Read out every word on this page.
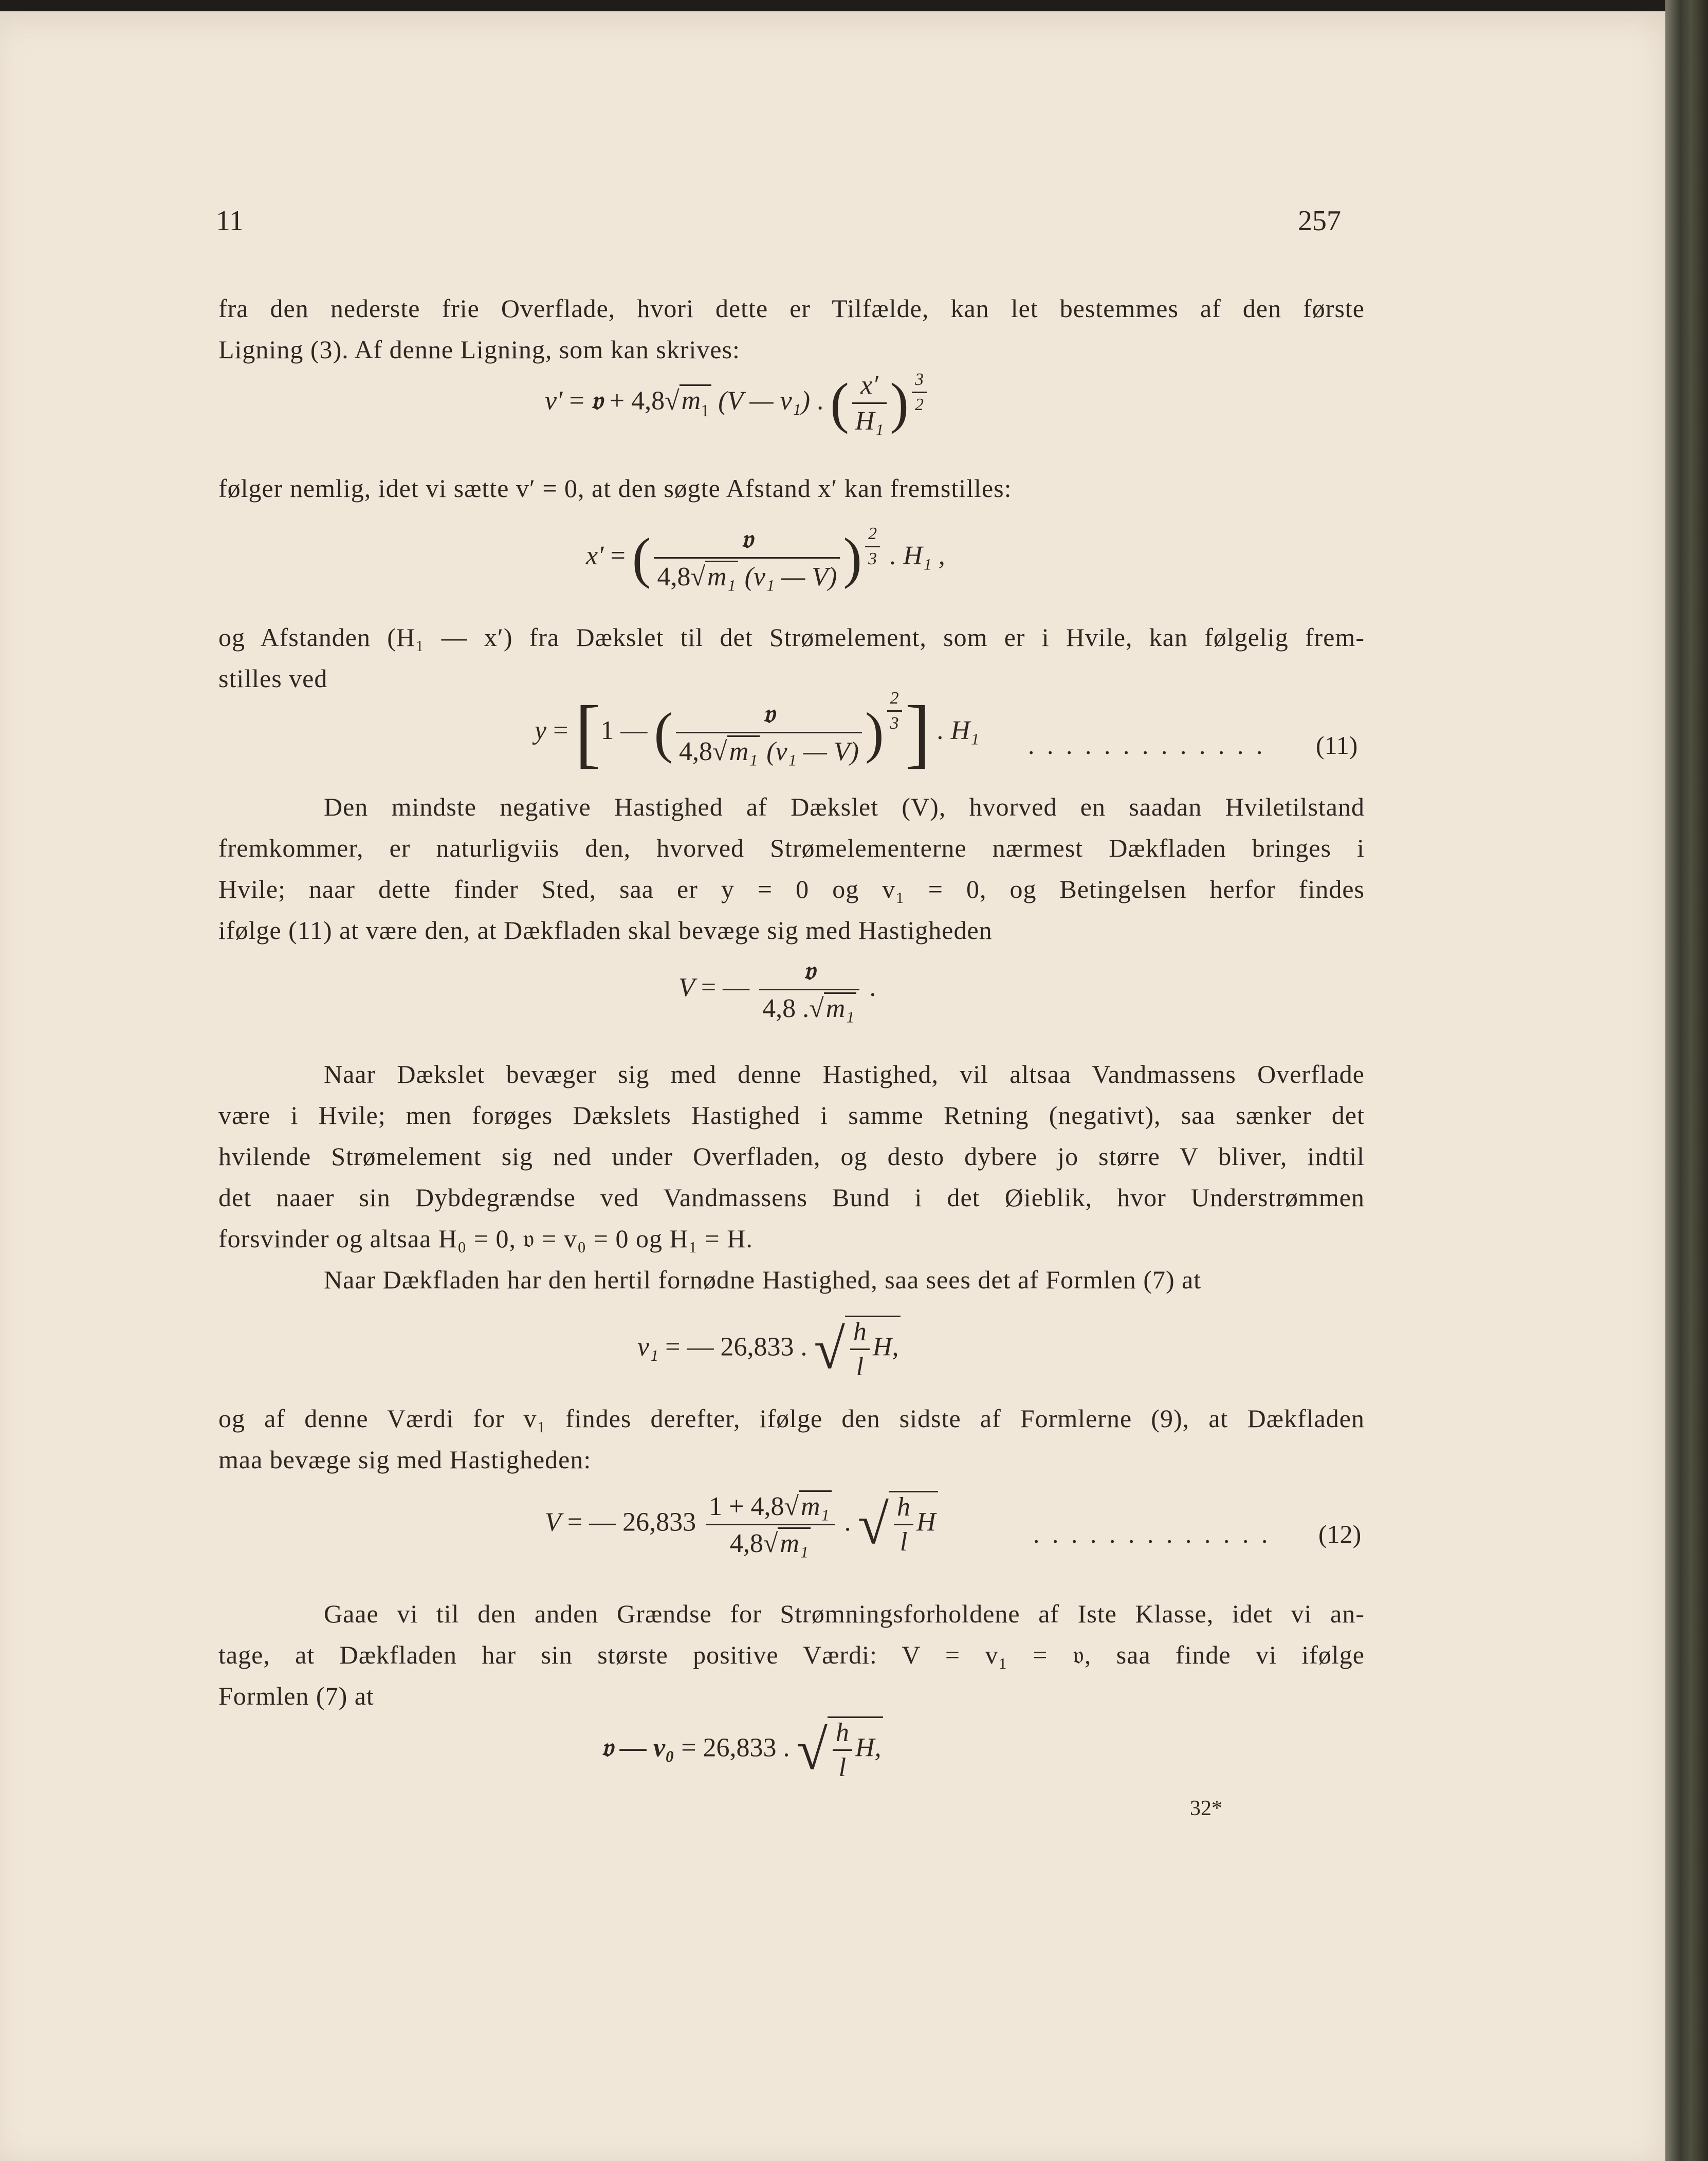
11	257
fra den nederste frie Overflade, hvori dette er Tilfælde, kan let bestemmes af den første
Ligning (3). Af denne Ligning, som kan skrives:
v′ = 𝔳 + $4,8√m_1$ (V — v₁) . ( $\frac{x'}{\text{H₁}}$ ) $\frac{3}{2}$
følger nemlig, idet vi sætte v′ = 0, at den søgte Afstand x′ kan fremstilles:
x′ = ( $\frac{\text{𝔳}}{\text{4,8√m₁ (v₁ — V)}}$ ) $\frac{2}{3}$ . H₁ ,
og Afstanden (H₁ — x′) fra Dækslet til det Strømelement, som er i Hvile, kan følgelig frem-
stilles ved
y = [1 — ( $\frac{\text{𝔳}}{\text{4,8√m₁ (v₁ — V)}}$ ) $\frac{2}{3}$ ] . H₁
. . . . . . . . . . . . . (11)
Den mindste negative Hastighed af Dækslet (V), hvorved en saadan Hviletilstand
fremkommer, er naturligviis den, hvorved Strømelementerne nærmest Dækfladen bringes i
Hvile; naar dette finder Sted, saa er y = 0 og v₁ = 0, og Betingelsen herfor findes
ifølge (11) at være den, at Dækfladen skal bevæge sig med Hastigheden
V = — $\frac{\text{𝔳}}{\text{4,8 .√m₁}}$ .
Naar Dækslet bevæger sig med denne Hastighed, vil altsaa Vandmassens Overflade
være i Hvile; men forøges Dækslets Hastighed i samme Retning (negativt), saa sænker det
hvilende Strømelement sig ned under Overfladen, og desto dybere jo større V bliver, indtil
det naaer sin Dybdegrændse ved Vandmassens Bund i det Øieblik, hvor Understrømmen
forsvinder og altsaa H₀ = 0, 𝔳 = v₀ = 0 og H₁ = H.
Naar Dækfladen har den hertil fornødne Hastighed, saa sees det af Formlen (7) at
v₁ = — 26,833 . √ $\frac{h}{l} H$,
og af denne Værdi for v₁ findes derefter, ifølge den sidste af Formlerne (9), at Dækfladen
maa bevæge sig med Hastigheden:
V = — $26,833 \frac{\text{1 + 4,8√m₁}}{\text{4,8√m₁}}$ . √ $\frac{h}{l}$ H	. . . . . . . . . . . . . (12)
Gaae vi til den anden Grændse for Strømningsforholdene af Iste Klasse, idet vi an-
tage, at Dækfladen har sin største positive Værdi: V = v₁ = 𝔳, saa finde vi ifølge
Formlen (7) at
𝔳 — v₀ = 26,833 . √ $\frac{h}{l} H$,
32*
